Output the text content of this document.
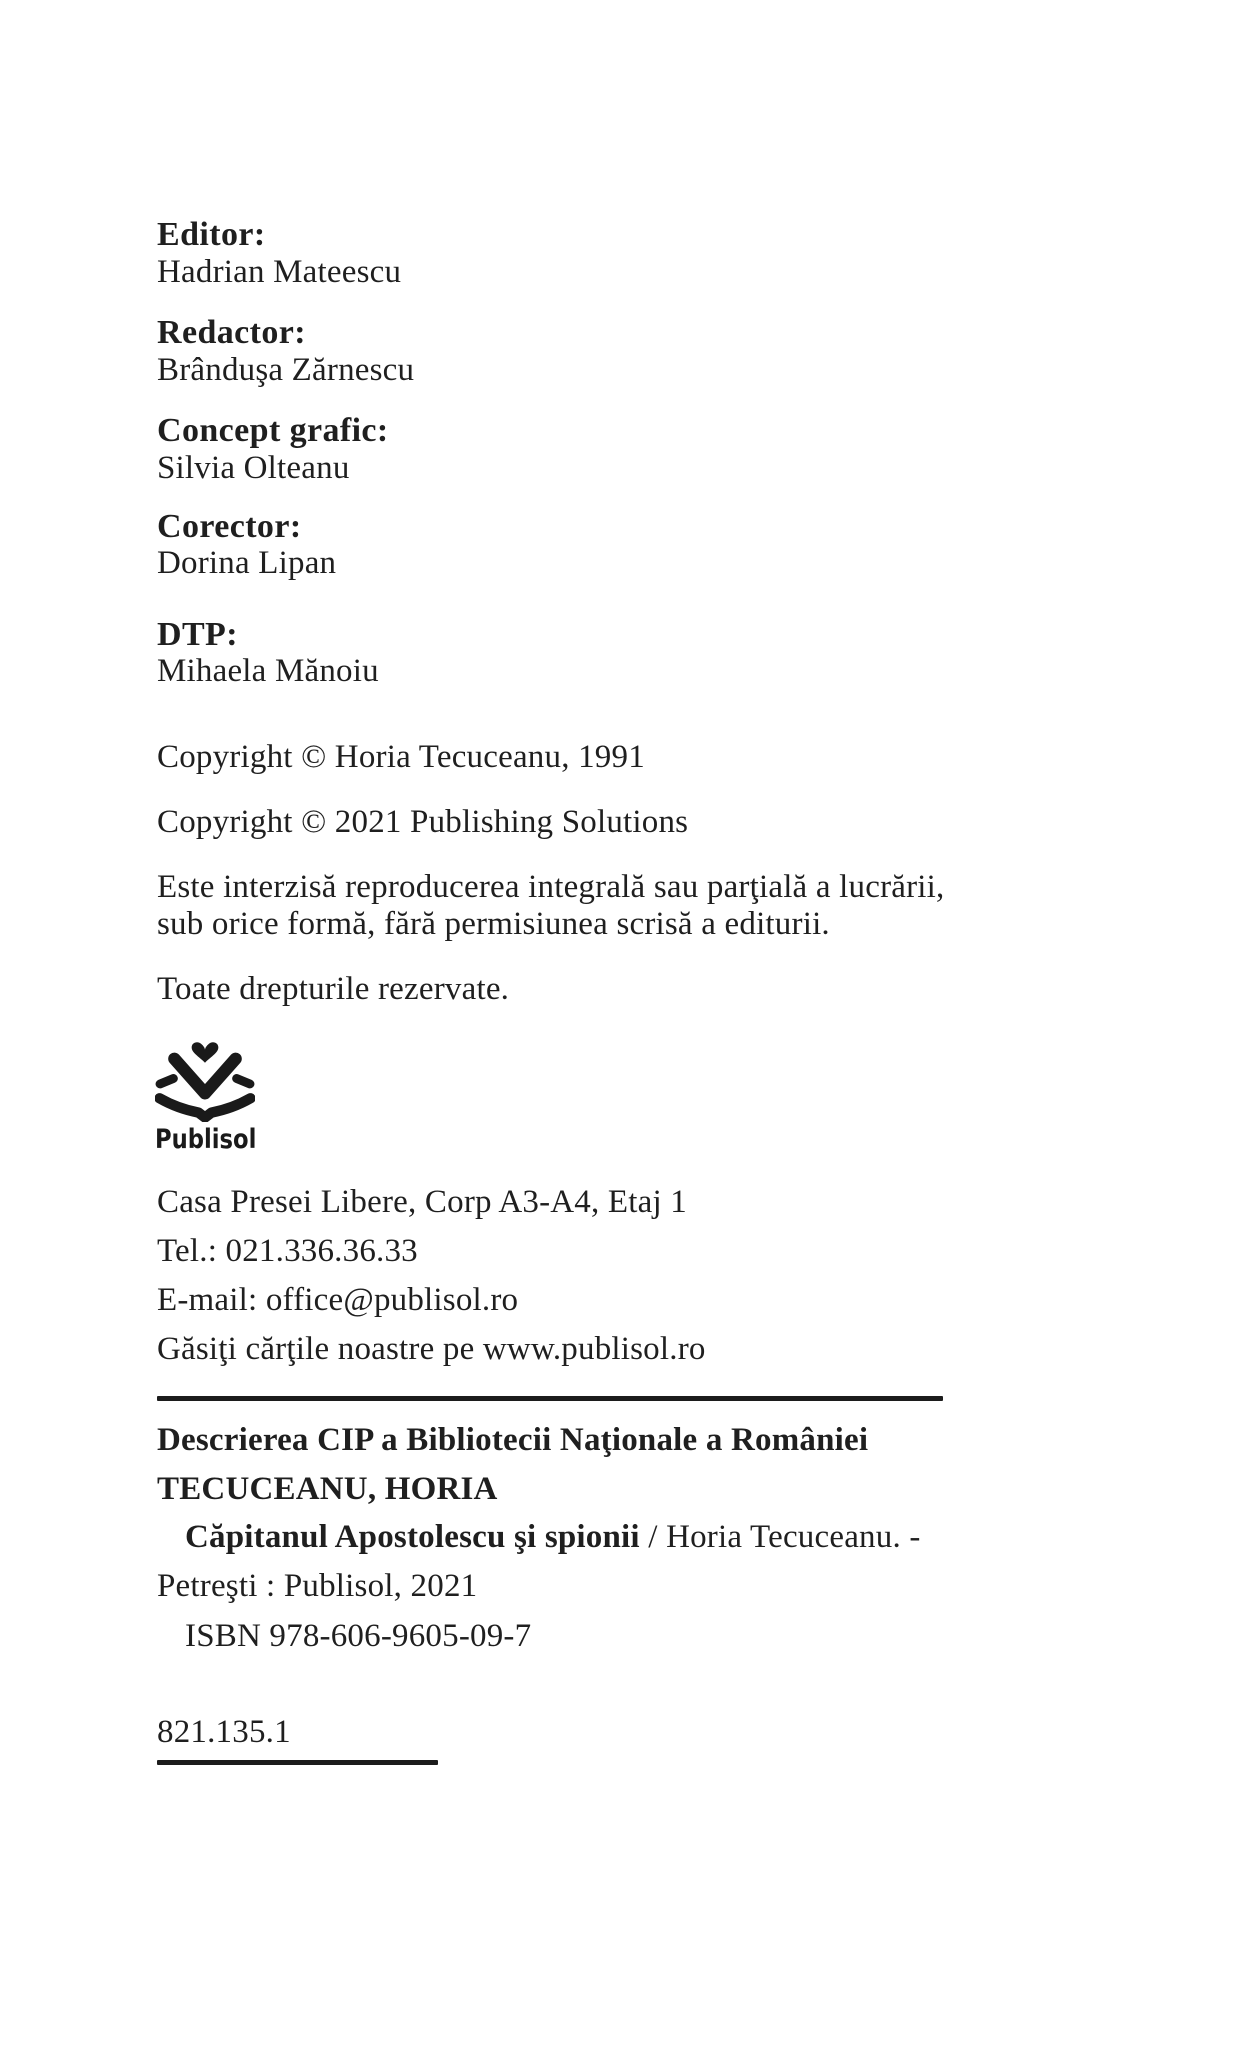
Editor:
Hadrian Mateescu
Redactor:
Brânduşa Zărnescu
Concept grafic:
Silvia Olteanu
Corector:
Dorina Lipan
DTP:
Mihaela Mănoiu
Copyright © Horia Tecuceanu, 1991
Copyright © 2021 Publishing Solutions
Este interzisă reproducerea integrală sau parţială a lucrării,
sub orice formă, fără permisiunea scrisă a editurii.
Toate drepturile rezervate.
Publisol
Casa Presei Libere, Corp A3-A4, Etaj 1
Tel.: 021.336.36.33
E-mail: office@publisol.ro
Găsiţi cărţile noastre pe www.publisol.ro
Descrierea CIP a Bibliotecii Naţionale a României
TECUCEANU, HORIA
Căpitanul Apostolescu şi spionii / Horia Tecuceanu. -
Petreşti : Publisol, 2021
ISBN 978-606-9605-09-7
821.135.1
